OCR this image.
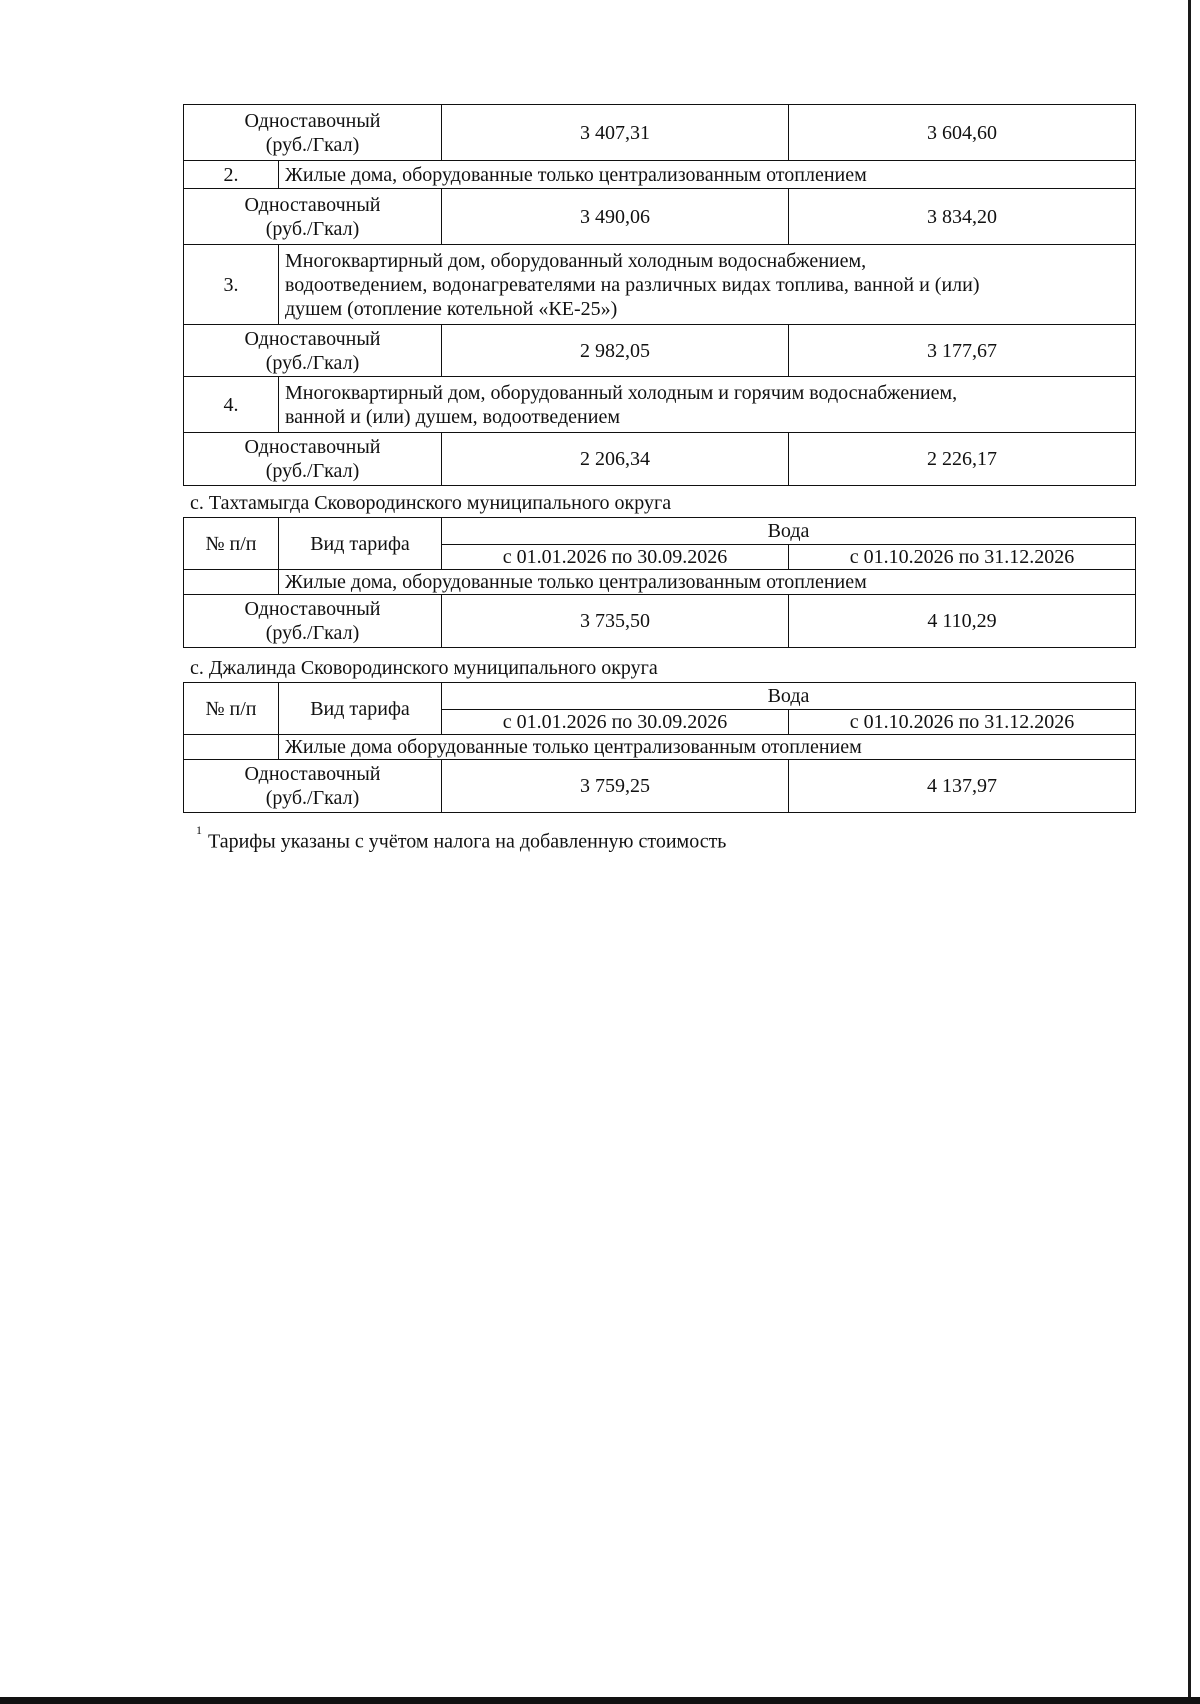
Одноставочный
(руб./Гкал)		3 407,31	3 604,60
2.	Жилые дома, оборудованные только централизованным отоплением		

Одноставочный
(руб./Гкал)		3 490,06	3 834,20
3.	Многоквартирный дом, оборудованный холодным водоснабжением,
водоотведением, водонагревателями на различных видах топлива, ванной и (или)
душем (отопление котельной «КЕ-25»)		

Одноставочный
(руб./Гкал)		2 982,05	3 177,67
4.	Многоквартирный дом, оборудованный холодным и горячим водоснабжением,
ванной и (или) душем, водоотведением		

Одноставочный
(руб./Гкал)		2 206,34	2 226,17
с. Тахтамыгда Сковородинского муниципального округа
№ п/п	Вид тарифа	Вода	
		с 01.01.2026 по 30.09.2026	с 01.10.2026 по 31.12.2026
	Жилые дома, оборудованные только централизованным отоплением		

Одноставочный
(руб./Гкал)		3 735,50	4 110,29
с. Джалинда Сковородинского муниципального округа
№ п/п	Вид тарифа	Вода	
		с 01.01.2026 по 30.09.2026	с 01.10.2026 по 31.12.2026
	Жилые дома оборудованные только централизованным отоплением		

Одноставочный
(руб./Гкал)		3 759,25	4 137,97
$^1$Тарифы указаны с учётом налога на добавленную стоимость
